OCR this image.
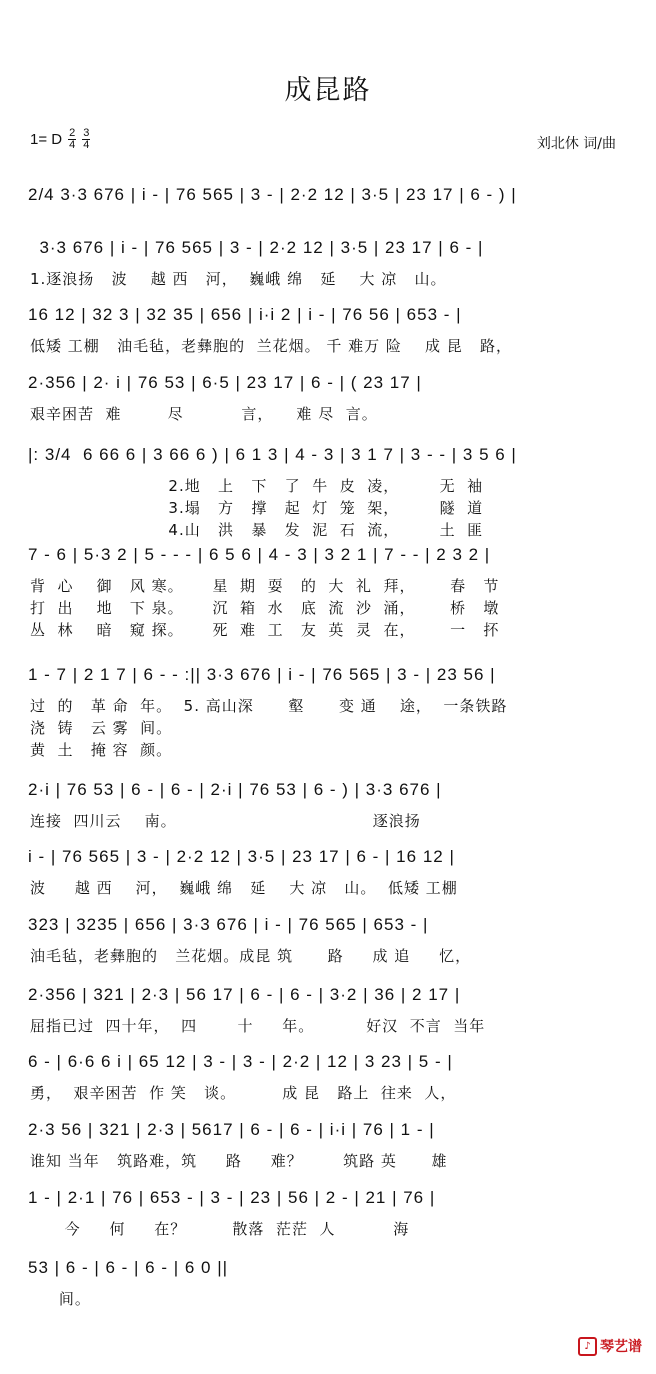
成昆路
1= D $\frac{2}{4} \frac{3}{4}$	刘北休 词/曲
2/4 3·3 676 | i - | 76 565 | 3 - | 2·2 12 | 3·5 | 23 17 | 6 - ) |
3·3 676 | i - | 76 565 | 3 - | 2·2 12 | 3·5 | 23 17 | 6 - |
1.逐浪扬   波    越 西   河，  巍峨 绵   延    大 凉   山。
16 12 | 32 3 | 32 35 | 656 | i·i 2 | i - | 76 56 | 653 - |
低矮 工棚   油毛毡，老彝胞的  兰花烟。 千 难万 险    成 昆   路，
2·356 | 2· i | 76 53 | 6·5 | 23 17 | 6 - | ( 23 17 |
艰辛困苦  难        尽          言，    难 尽  言。
|: 3/4  6 66 6 | 3 66 6 ) | 6 1 3 | 4 - 3 | 3 1 7 | 3 - - | 3 5 6 |
2.地   上   下   了  牛  皮  凌，       无  袖
3.塌   方   撑   起  灯  笼  架，       隧  道
4.山   洪   暴   发  泥  石  流，       土  匪
7 - 6 | 5·3 2 | 5 - - - | 6 5 6 | 4 - 3 | 3 2 1 | 7 - - | 2 3 2 |
背  心    御   风 寒。     星  期  耍   的  大  礼  拜，      春   节
打  出    地   下 泉。     沉  箱  水   底  流  沙  涌，      桥   墩
丛  林    暗   窥 探。     死  难  工   友  英  灵  在，      一   抔
1 - 7 | 2 1 7 | 6 - - :|| 3·3 676 | i - | 76 565 | 3 - | 23 56 |
过  的   革 命  年。  5. 高山深      壑      变 通    途，  一条铁路
浇  铸   云 雾  间。
黄  土   掩 容  颜。
2·i | 76 53 | 6 - | 6 - | 2·i | 76 53 | 6 - ) | 3·3 676 |
连接  四川云    南。                                  逐浪扬
i - | 76 565 | 3 - | 2·2 12 | 3·5 | 23 17 | 6 - | 16 12 |
波     越 西    河，  巍峨 绵   延    大 凉   山。  低矮 工棚
323 | 3235 | 656 | 3·3 676 | i - | 76 565 | 653 - |
油毛毡，老彝胞的   兰花烟。成昆 筑      路     成 追     忆，
2·356 | 321 | 2·3 | 56 17 | 6 - | 6 - | 3·2 | 36 | 2 17 |
屈指已过  四十年，  四       十     年。         好汉  不言  当年
6 - | 6·6 6 i | 65 12 | 3 - | 3 - | 2·2 | 12 | 3 23 | 5 - |
勇，  艰辛困苦  作 笑   谈。        成 昆   路上  往来  人，
2·3 56 | 321 | 2·3 | 5617 | 6 - | 6 - | i·i | 76 | 1 - |
谁知 当年   筑路难，筑     路     难？       筑路 英      雄
1 - | 2·1 | 76 | 653 - | 3 - | 23 | 56 | 2 - | 21 | 76 |
今     何     在？        散落  茫茫  人          海
53 | 6 - | 6 - | 6 - | 6 0 ||
间。
♪ 琴艺谱
